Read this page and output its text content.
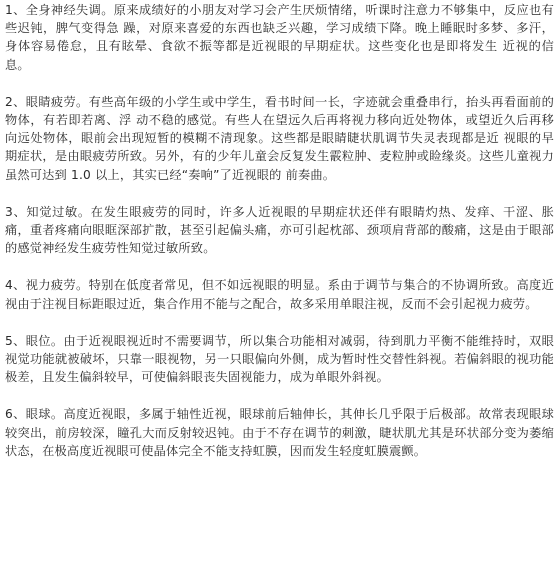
1、全身神经失调。原来成绩好的小朋友对学习会产生厌烦情绪，听课时注意力不够集中，反应也有些迟钝，脾气变得急 躁，对原来喜爱的东西也缺乏兴趣，学习成绩下降。晚上睡眠时多梦、多汗，身体容易倦怠，且有眩晕、食欲不振等都是近视眼的早期症状。这些变化也是即将发生 近视的信息。

2、眼睛疲劳。有些高年级的小学生或中学生，看书时间一长，字迹就会重叠串行，抬头再看面前的物体，有若即若离、浮 动不稳的感觉。有些人在望远久后再将视力移向近处物体，或望近久后再移向远处物体，眼前会出现短暂的模糊不清现象。这些都是眼睛睫状肌调节失灵表现都是近 视眼的早期症状，是由眼疲劳所致。另外，有的少年儿童会反复发生霰粒肿、麦粒肿或睑缘炎。这些儿童视力虽然可达到 1.0 以上，其实已经“奏响”了近视眼的 前奏曲。

3、知觉过敏。在发生眼疲劳的同时，许多人近视眼的早期症状还伴有眼睛灼热、发痒、干涩、胀痛，重者疼痛向眼眶深部扩散，甚至引起偏头痛，亦可引起枕部、颈项肩背部的酸痛，这是由于眼部的感觉神经发生疲劳性知觉过敏所致。

4、视力疲劳。特别在低度者常见，但不如远视眼的明显。系由于调节与集合的不协调所致。高度近视由于注视目标距眼过近，集合作用不能与之配合，故多采用单眼注视，反而不会引起视力疲劳。

5、眼位。由于近视眼视近时不需要调节，所以集合功能相对减弱，待到肌力平衡不能维持时，双眼视觉功能就被破坏，只靠一眼视物，另一只眼偏向外侧，成为暂时性交替性斜视。若偏斜眼的视功能极差，且发生偏斜较早，可使偏斜眼丧失固视能力，成为单眼外斜视。

6、眼球。高度近视眼，多属于轴性近视，眼球前后轴伸长，其伸长几乎限于后极部。故常表现眼球较突出，前房较深，瞳孔大而反射较迟钝。由于不存在调节的刺激，睫状肌尤其是环状部分变为萎缩状态，在极高度近视眼可使晶体完全不能支持虹膜，因而发生轻度虹膜震颤。
